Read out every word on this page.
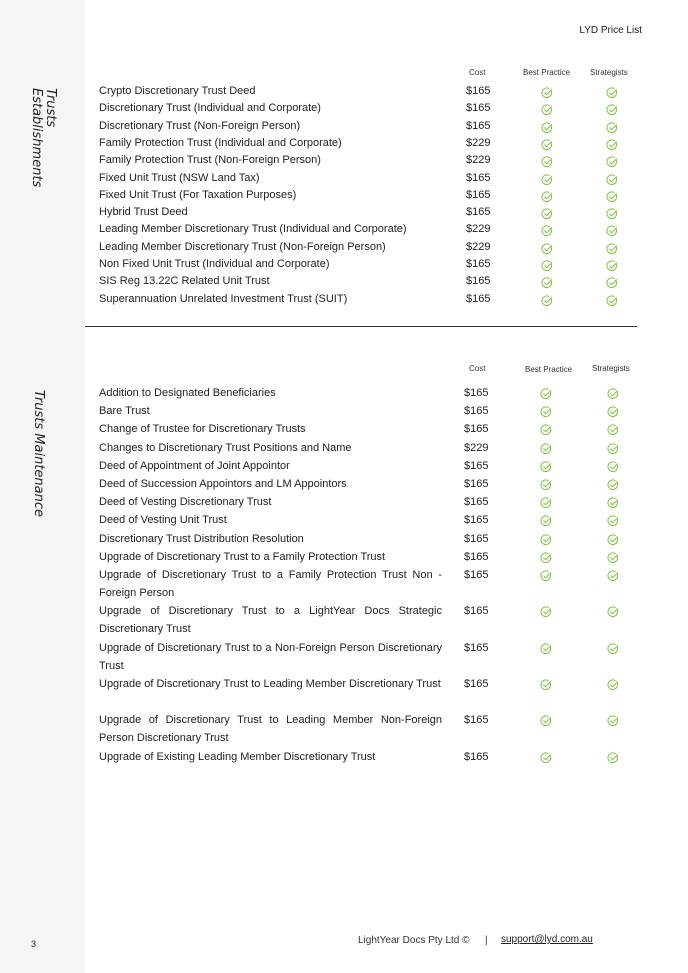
Trusts
Establishments
Trusts Maintenance
LYD Price List
Cost	Best Practice Strategists
Crypto Discretionary Trust Deed	$165
Discretionary Trust (Individual and Corporate)	$165
Discretionary Trust (Non-Foreign Person)	$165
Family Protection Trust (Individual and Corporate)	$229
Family Protection Trust (Non-Foreign Person)	$229
Fixed Unit Trust (NSW Land Tax)	$165
Fixed Unit Trust (For Taxation Purposes)	$165
Hybrid Trust Deed	$165
Leading Member Discretionary Trust (Individual and Corporate)	$229
Leading Member Discretionary Trust (Non-Foreign Person)	$229
Non Fixed Unit Trust (Individual and Corporate)	$165
SIS Reg 13.22C Related Unit Trust	$165
Superannuation Unrelated Investment Trust (SUIT)	$165
Cost	Best Practice Strategists
Addition to Designated Beneficiaries	$165
Bare Trust	$165
Change of Trustee for Discretionary Trusts	$165
Changes to Discretionary Trust Positions and Name	$229
Deed of Appointment of Joint Appointor	$165
Deed of Succession Appointors and LM Appointors	$165
Deed of Vesting Discretionary Trust	$165
Deed of Vesting Unit Trust	$165
Discretionary Trust Distribution Resolution	$165
Upgrade of Discretionary Trust to a Family Protection Trust	$165
Upgrade of Discretionary Trust to a Family Protection Trust Non - Foreign Person
$165
Upgrade of Discretionary Trust to a LightYear Docs Strategic Discretionary Trust
$165
Upgrade of Discretionary Trust to a Non-Foreign Person Discretionary Trust
$165
Upgrade of Discretionary Trust to Leading Member Discretionary Trust $165
Upgrade of Discretionary Trust to Leading Member Non-Foreign Person Discretionary Trust
$165
Upgrade of Existing Leading Member Discretionary Trust	$165
3	LightYear Docs Pty Ltd © | support@lyd.com.au
